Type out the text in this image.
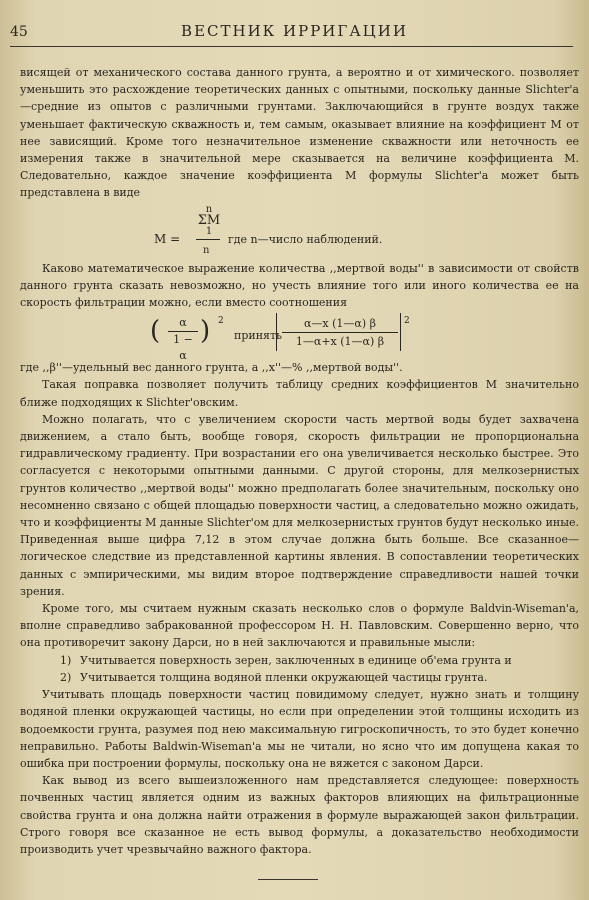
45	ВЕСТНИК ИРРИГАЦИИ

висящей от механического состава данного грунта, а вероятно и от химического. позволяет уменьшить это расхождение теоретических данных с опытными, поскольку данные Slichter'а—средние из опытов с различными грунтами. Заключающийся в грунте воздух также уменьшает фактическую скважность и, тем самым, оказывает влияние на коэффициент М от нее зависящий. Кроме того незначительное изменение скважности или неточность ее измерения также в значительной мере сказывается на величине коэффициента М. Следовательно, каждое значение коэффициента М формулы Slichter'а может быть представлена в виде

n
ΣM
1
M =
n
где n—число наблюдений.

Каково математическое выражение количества ,,мертвой воды'' в зависимости от свойств данного грунта сказать невозможно, но учесть влияние того или иного количества ее на скорость фильтрации можно, если вместо соотношения

( $\frac{\alpha}{1 - \alpha}$ ) 2
принять
α—x (1—α) β
1—α+x (1—α) β
2

где ,,β''—удельный вес данного грунта, а ,,x''—% ,,мертвой воды''.

Такая поправка позволяет получить таблицу средних коэффициентов М значительно ближе подходящих к Slichter'овским.

Можно полагать, что с увеличением скорости часть мертвой воды будет захвачена движением, а стало быть, вообще говоря, скорость фильтрации не пропорциональна гидравлическому градиенту. При возрастании его она увеличивается несколько быстрее. Это согласуется с некоторыми опытными данными. С другой стороны, для мелкозернистых грунтов количество ,,мертвой воды'' можно предполагать более значительным, поскольку оно несомненно связано с общей площадью поверхности частиц, а следовательно можно ожидать, что и коэффициенты М данные Slichter'ом для мелкозернистых грунтов будут несколько иные. Приведенная выше цифра 7,12 в этом случае должна быть больше. Все сказанное—логическое следствие из представленной картины явления. В сопоставлении теоретических данных с эмпирическими, мы видим второе подтверждение справедливости нашей точки зрения.

Кроме того, мы считаем нужным сказать несколько слов о формуле Baldvin-Wiseman'а, вполне справедливо забракованной профессором Н. Н. Павловским. Совершенно верно, что она противоречит закону Дарси, но в ней заключаются и правильные мысли:

1) Учитывается поверхность зерен, заключенных в единице об'ема грунта и

2) Учитывается толщина водяной пленки окружающей частицы грунта.

Учитывать площадь поверхности частиц повидимому следует, нужно знать и толщину водяной пленки окружающей частицы, но если при определении этой толщины исходить из водоемкости грунта, разумея под нею максимальную гигроскопичность, то это будет конечно неправильно. Работы Baldwin-Wiseman'а мы не читали, но ясно что им допущена какая то ошибка при построении формулы, поскольку она не вяжется с законом Дарси.

Как вывод из всего вышеизложенного нам представляется следующее: поверхность почвенных частиц является одним из важных факторов влияющих на фильтрационные свойства грунта и она должна найти отражения в формуле выражающей закон фильтрации. Строго говоря все сказанное не есть вывод формулы, а доказательство необходимости производить учет чрезвычайно важного фактора.
